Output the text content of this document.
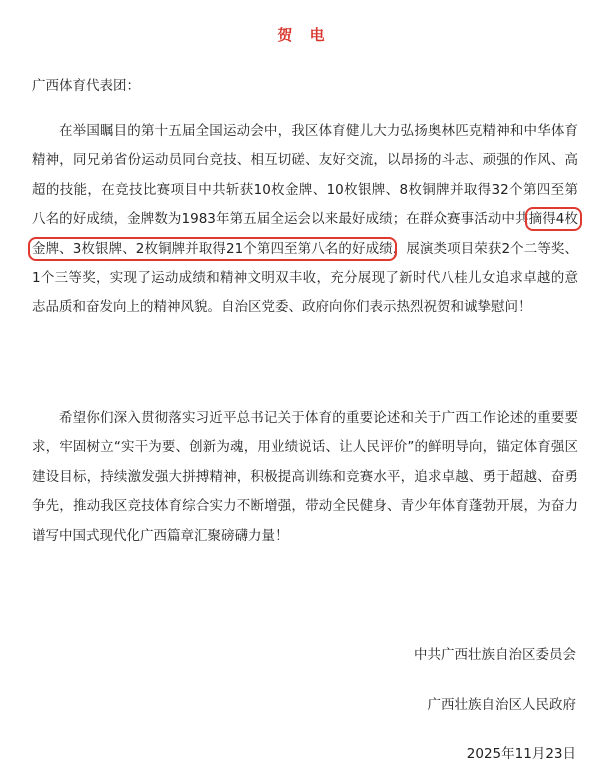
贺 电
广西体育代表团：
在举国瞩目的第十五届全国运动会中，我区体育健儿大力弘扬奥林匹克精神和中华体育精神，同兄弟省份运动员同台竞技、相互切磋、友好交流，以昂扬的斗志、顽强的作风、高超的技能，在竞技比赛项目中共斩获10枚金牌、10枚银牌、8枚铜牌并取得32个第四至第八名的好成绩，金牌数为1983年第五届全运会以来最好成绩；在群众赛事活动中共摘得4枚金牌、3枚银牌、2枚铜牌并取得21个第四至第八名的好成绩，展演类项目荣获2个二等奖、1个三等奖，实现了运动成绩和精神文明双丰收，充分展现了新时代八桂儿女追求卓越的意志品质和奋发向上的精神风貌。自治区党委、政府向你们表示热烈祝贺和诚挚慰问！
希望你们深入贯彻落实习近平总书记关于体育的重要论述和关于广西工作论述的重要要求，牢固树立“实干为要、创新为魂，用业绩说话、让人民评价”的鲜明导向，锚定体育强区建设目标，持续激发强大拼搏精神，积极提高训练和竞赛水平，追求卓越、勇于超越、奋勇争先，推动我区竞技体育综合实力不断增强，带动全民健身、青少年体育蓬勃开展，为奋力谱写中国式现代化广西篇章汇聚磅礴力量！
中共广西壮族自治区委员会
广西壮族自治区人民政府
2025年11月23日
